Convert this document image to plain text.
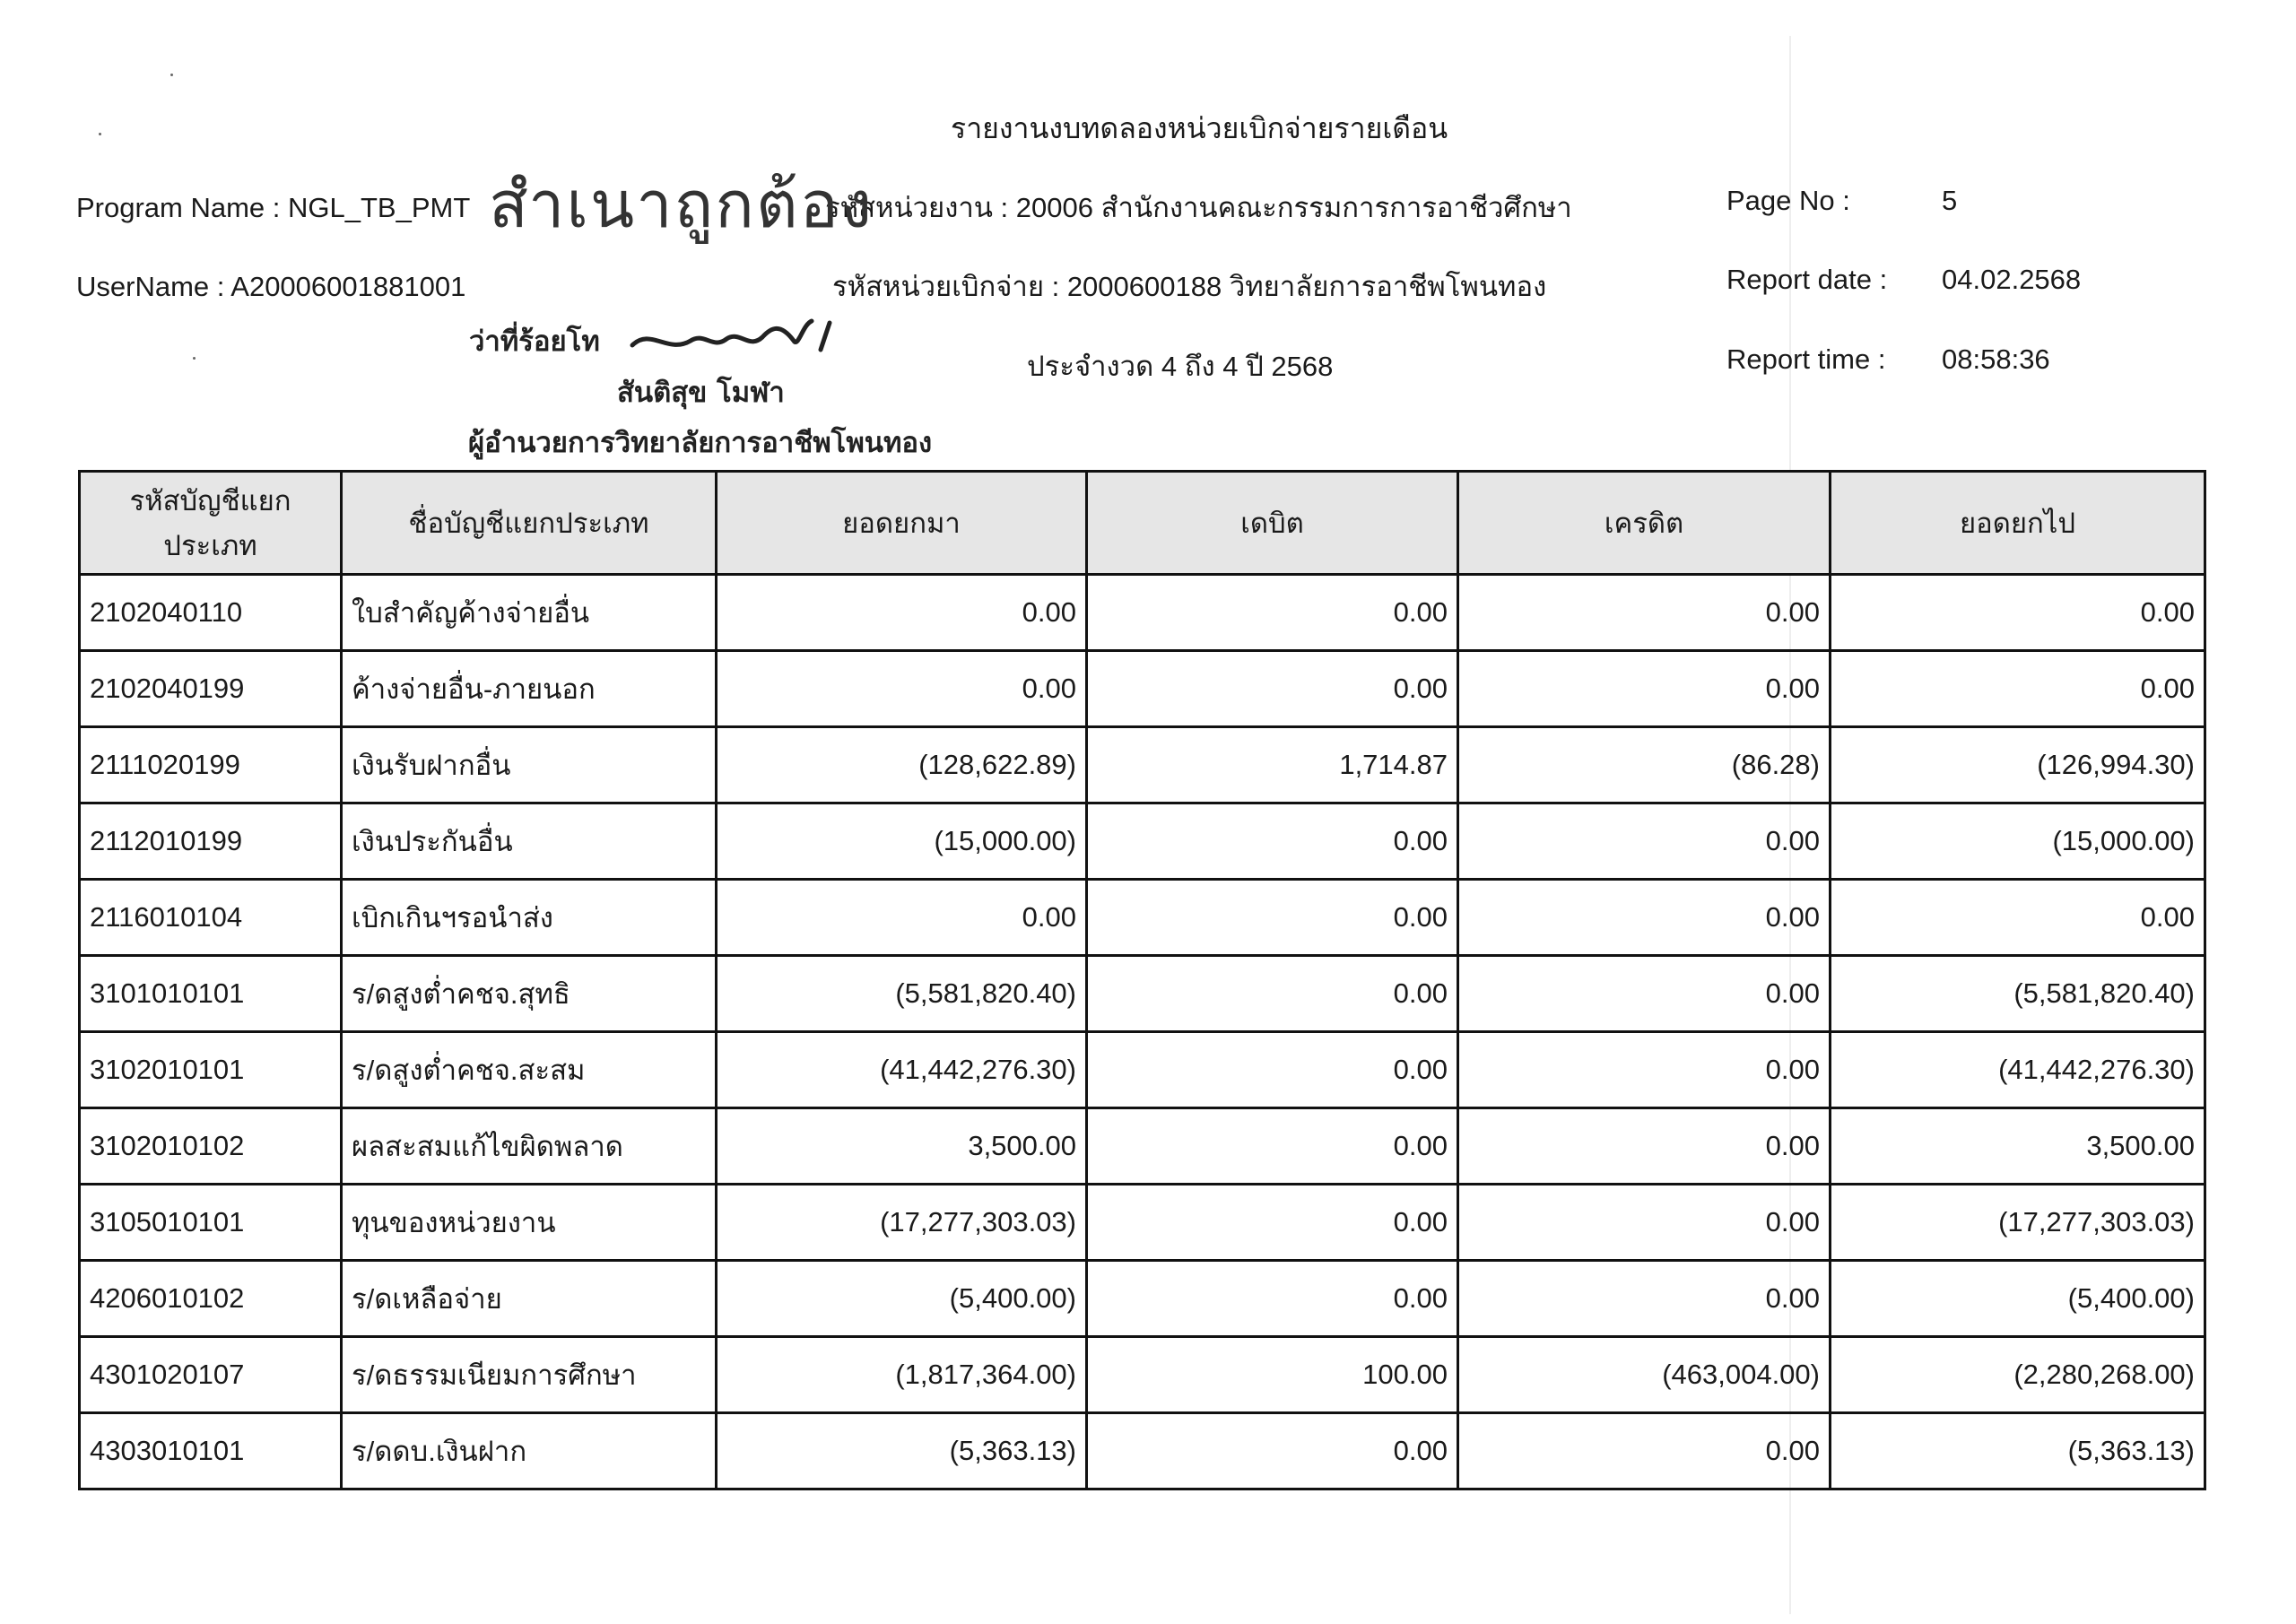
รายงานงบทดลองหน่วยเบิกจ่ายรายเดือน
Program Name : NGL_TB_PMT
UserName : A20006001881001
รหัสหน่วยงาน : 20006 สำนักงานคณะกรรมการการอาชีวศึกษา
รหัสหน่วยเบิกจ่าย : 2000600188 วิทยาลัยการอาชีพโพนทอง
ประจำงวด 4 ถึง 4 ปี 2568
Page No :	5
Report date : 04.02.2568
Report time : 08:58:36
สำเนาถูกต้อง
ว่าที่ร้อยโท
สันติสุข โมฬา
ผู้อำนวยการวิทยาลัยการอาชีพโพนทอง
รหัสบัญชีแยกประเภท	ชื่อบัญชีแยกประเภท	ยอดยกมา	เดบิต	เครดิต	ยอดยกไป
2102040110	ใบสำคัญค้างจ่ายอื่น	0.00	0.00	0.00	0.00
2102040199	ค้างจ่ายอื่น-ภายนอก	0.00	0.00	0.00	0.00
2111020199	เงินรับฝากอื่น	(128,622.89)	1,714.87	(86.28)	(126,994.30)
2112010199	เงินประกันอื่น	(15,000.00)	0.00	0.00	(15,000.00)
2116010104	เบิกเกินฯรอนำส่ง	0.00	0.00	0.00	0.00
3101010101	ร/ดสูงต่ำคชจ.สุทธิ	(5,581,820.40)	0.00	0.00	(5,581,820.40)
3102010101	ร/ดสูงต่ำคชจ.สะสม	(41,442,276.30)	0.00	0.00	(41,442,276.30)
3102010102	ผลสะสมแก้ไขผิดพลาด	3,500.00	0.00	0.00	3,500.00
3105010101	ทุนของหน่วยงาน	(17,277,303.03)	0.00	0.00	(17,277,303.03)
4206010102	ร/ดเหลือจ่าย	(5,400.00)	0.00	0.00	(5,400.00)
4301020107	ร/ดธรรมเนียมการศึกษา	(1,817,364.00)	100.00	(463,004.00)	(2,280,268.00)
4303010101	ร/ดดบ.เงินฝาก	(5,363.13)	0.00	0.00	(5,363.13)
